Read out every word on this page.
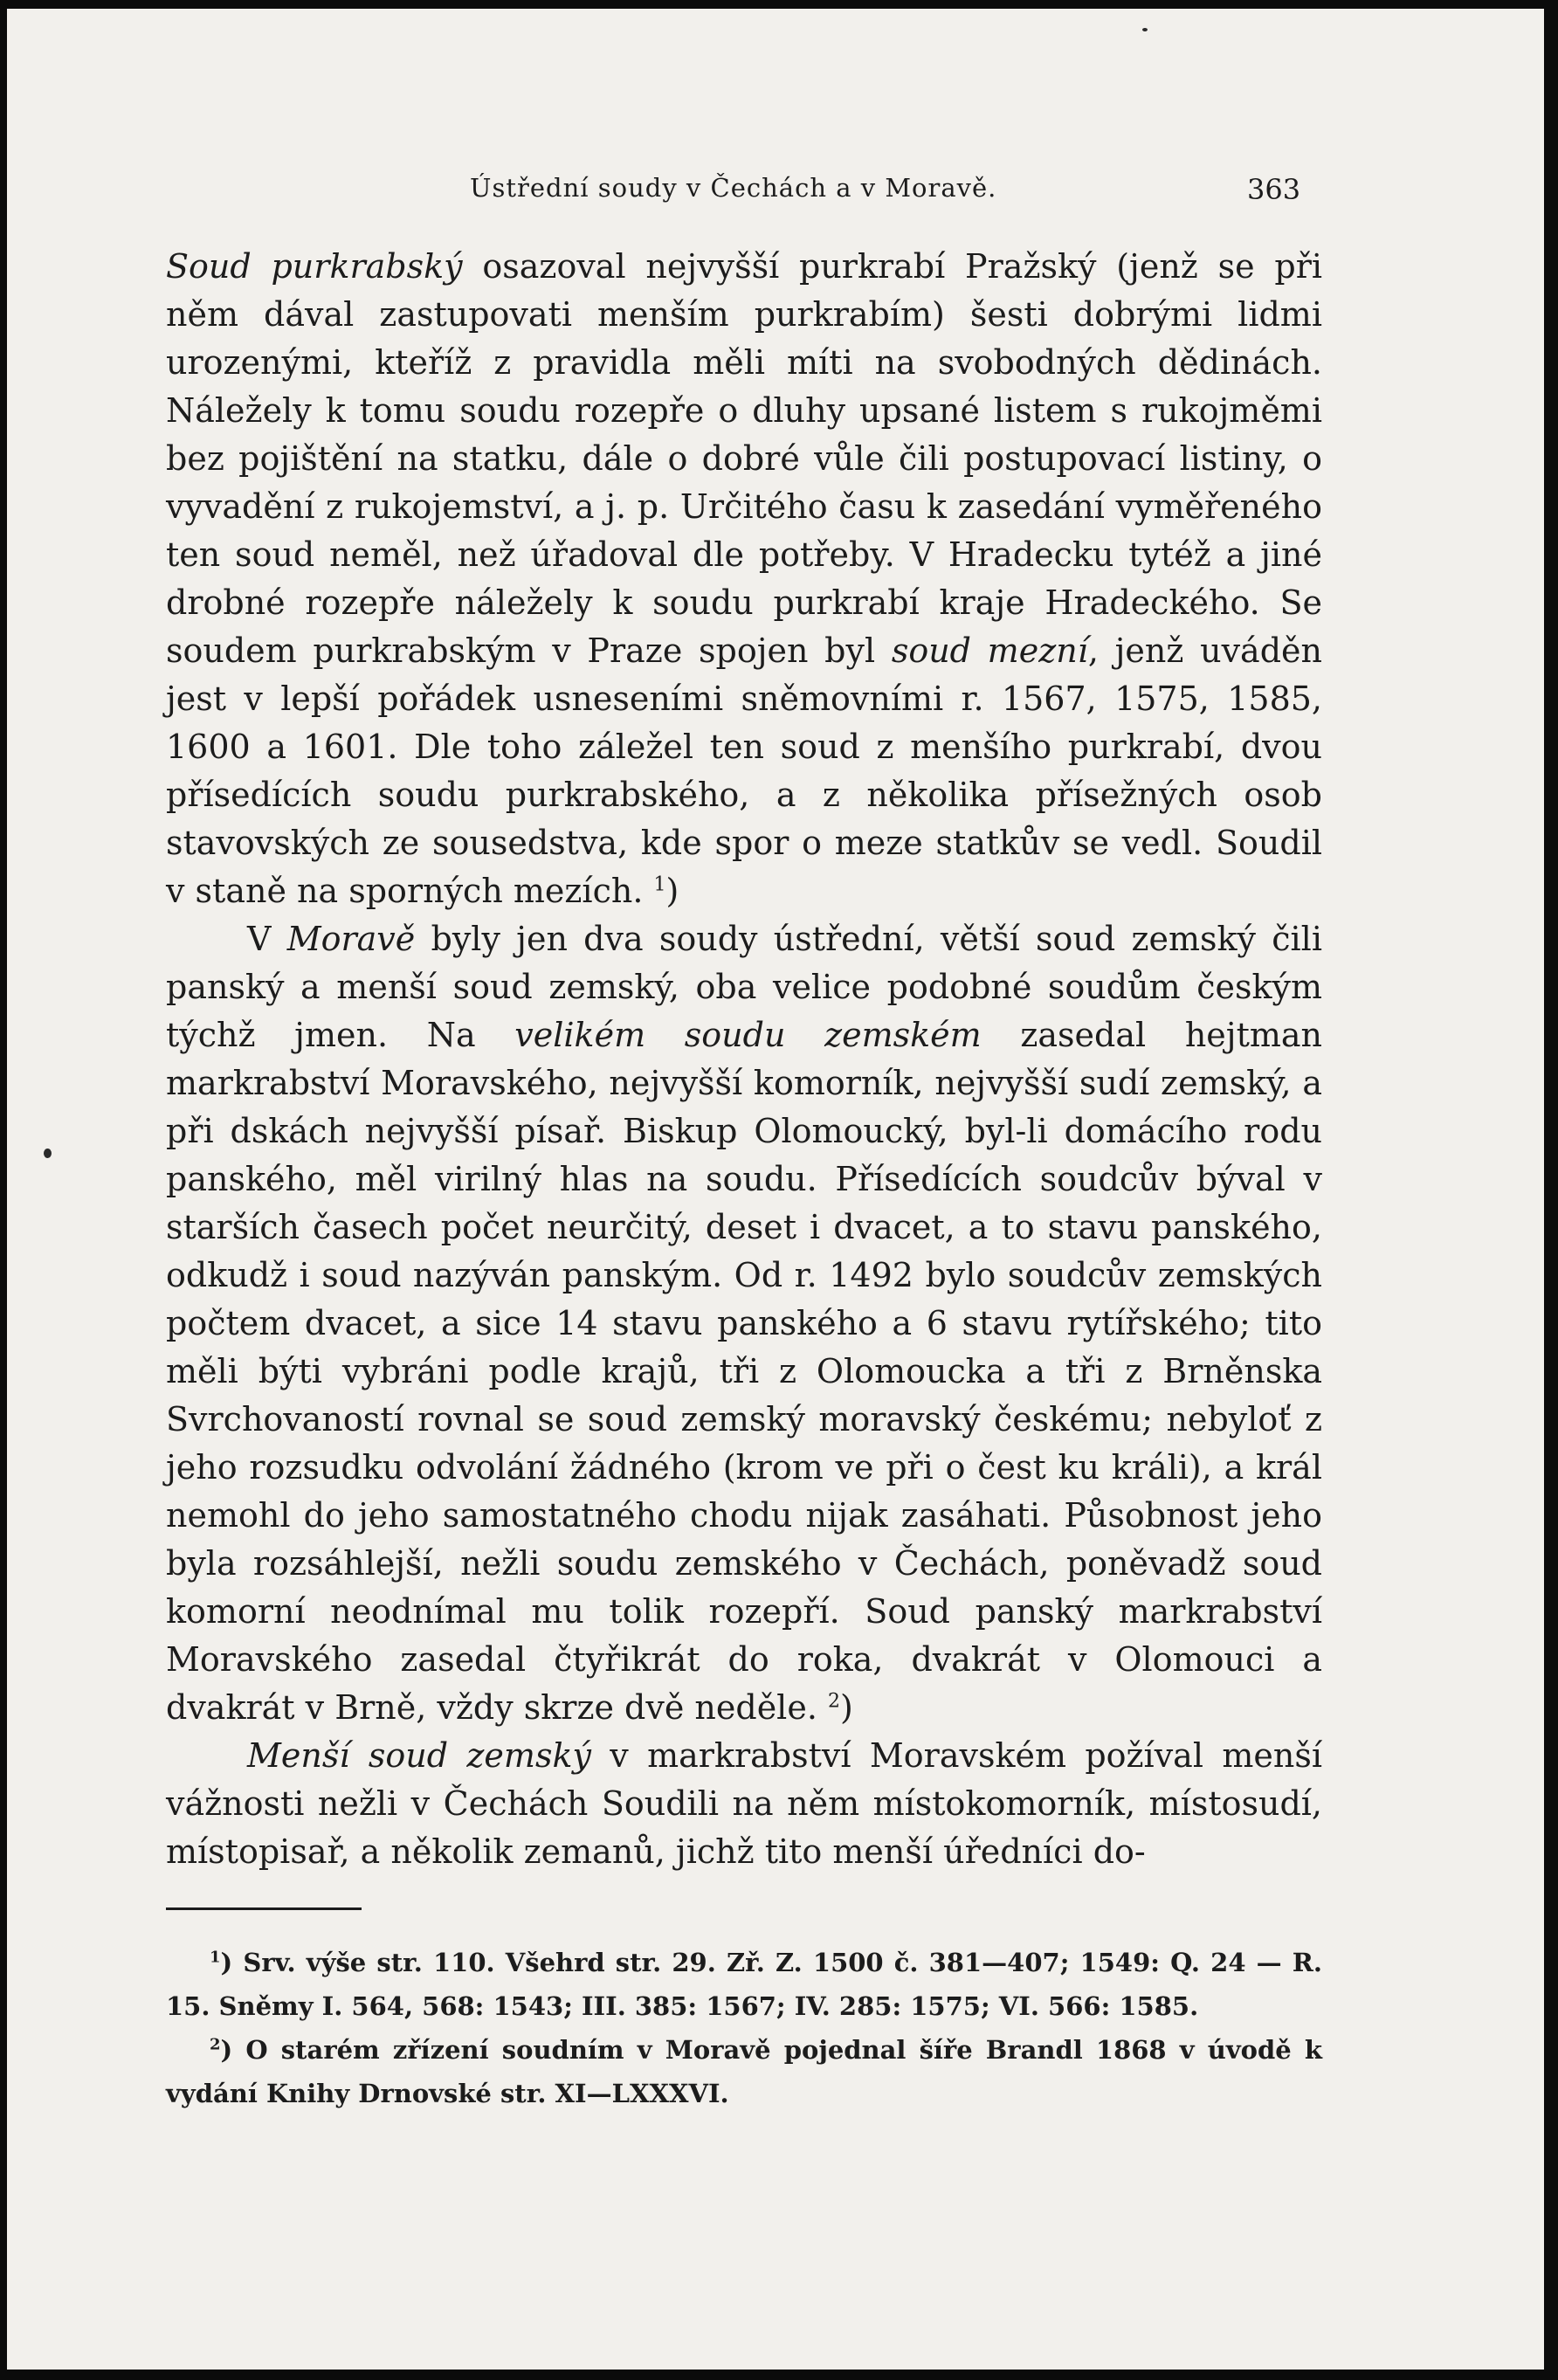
Ústřední soudy v Čechách a v Moravě.	363

Soud purkrabský osazoval nejvyšší purkrabí Pražský (jenž se při něm dával zastupovati menším purkrabím) šesti dobrými lidmi urozenými, kteříž z pravidla měli míti na svobodných dědinách. Náležely k tomu soudu rozepře o dluhy upsané listem s rukojměmi bez pojištění na statku, dále o dobré vůle čili postupovací listiny, o vyvadění z rukojemství, a j. p. Určitého času k zasedání vyměřeného ten soud neměl, než úřadoval dle potřeby. V Hradecku tytéž a jiné drobné rozepře náležely k soudu purkrabí kraje Hradeckého. Se soudem purkrabským v Praze spojen byl soud mezní, jenž uváděn jest v lepší pořádek usneseními sněmovními r. 1567, 1575, 1585, 1600 a 1601. Dle toho záležel ten soud z menšího purkrabí, dvou přísedících soudu purkrabského, a z několika přísežných osob stavovských ze sousedstva, kde spor o meze statkův se vedl. Soudil v staně na sporných mezích. $^1$)

V Moravě byly jen dva soudy ústřední, větší soud zemský čili panský a menší soud zemský, oba velice podobné soudům českým týchž jmen. Na velikém soudu zemském zasedal hejtman markrabství Moravského, nejvyšší komorník, nejvyšší sudí zemský, a při dskách nejvyšší písař. Biskup Olomoucký, byl-li domácího rodu panského, měl virilný hlas na soudu. Přísedících soudcův býval v starších časech počet neurčitý, deset i dvacet, a to stavu panského, odkudž i soud nazýván panským. Od r. 1492 bylo soudcův zemských počtem dvacet, a sice 14 stavu panského a 6 stavu rytířského; tito měli býti vybráni podle krajů, tři z Olomoucka a tři z Brněnska Svrchovaností rovnal se soud zemský moravský českému; nebyloť z jeho rozsudku odvolání žádného (krom ve při o čest ku králi), a král nemohl do jeho samostatného chodu nijak zasáhati. Působnost jeho byla rozsáhlejší, nežli soudu zemského v Čechách, poněvadž soud komorní neodnímal mu tolik rozepří. Soud panský markrabství Moravského zasedal čtyřikrát do roka, dvakrát v Olomouci a dvakrát v Brně, vždy skrze dvě neděle. $^2$)

Menší soud zemský v markrabství Moravském požíval menší vážnosti nežli v Čechách Soudili na něm místokomorník, místosudí, místopisař, a několik zemanů, jichž tito menší úředníci do-

$^1$) Srv. výše str. 110. Všehrd str. 29. Zř. Z. 1500 č. 381—407; 1549: Q. 24 — R. 15. Sněmy I. 564, 568: 1543; III. 385: 1567; IV. 285: 1575; VI. 566: 1585.

$^2$) O starém zřízení soudním v Moravě pojednal šíře Brandl 1868 v úvodě k vydání Knihy Drnovské str. XI—LXXXVI.
